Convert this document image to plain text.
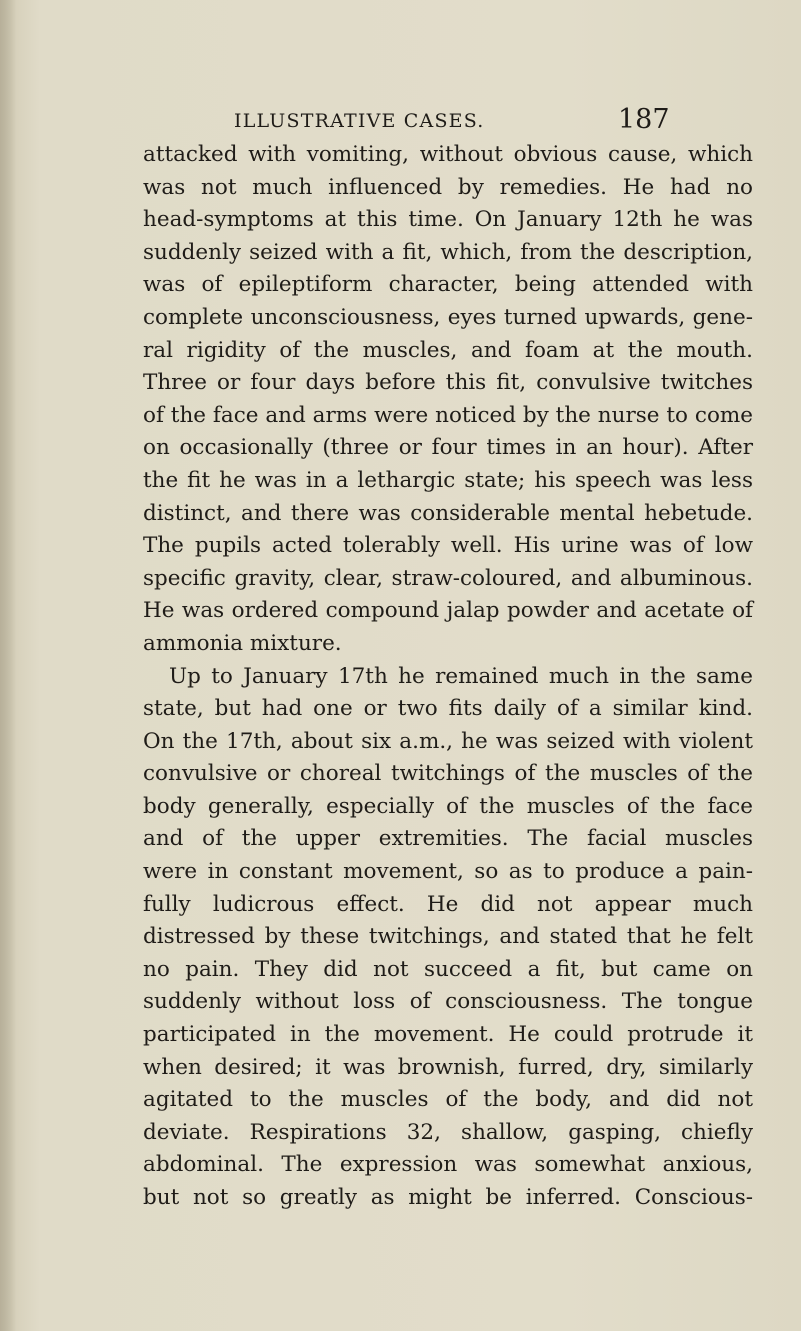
ILLUSTRATIVE CASES.	187
attacked with vomiting, without obvious cause, which
was not much influenced by remedies. He had no
head-symptoms at this time. On January 12th he was
suddenly seized with a fit, which, from the description,
was of epileptiform character, being attended with
complete unconsciousness, eyes turned upwards, gene-
ral rigidity of the muscles, and foam at the mouth.
Three or four days before this fit, convulsive twitches
of the face and arms were noticed by the nurse to come
on occasionally (three or four times in an hour). After
the fit he was in a lethargic state; his speech was less
distinct, and there was considerable mental hebetude.
The pupils acted tolerably well. His urine was of low
specific gravity, clear, straw-coloured, and albuminous.
He was ordered compound jalap powder and acetate of
ammonia mixture.
Up to January 17th he remained much in the same
state, but had one or two fits daily of a similar kind.
On the 17th, about six a.m., he was seized with violent
convulsive or choreal twitchings of the muscles of the
body generally, especially of the muscles of the face
and of the upper extremities. The facial muscles
were in constant movement, so as to produce a pain-
fully ludicrous effect. He did not appear much
distressed by these twitchings, and stated that he felt
no pain. They did not succeed a fit, but came on
suddenly without loss of consciousness. The tongue
participated in the movement. He could protrude it
when desired; it was brownish, furred, dry, similarly
agitated to the muscles of the body, and did not
deviate. Respirations 32, shallow, gasping, chiefly
abdominal. The expression was somewhat anxious,
but not so greatly as might be inferred. Conscious-
